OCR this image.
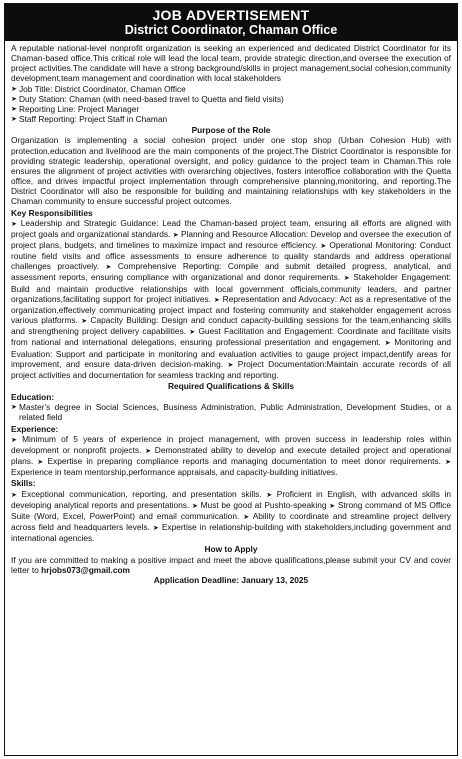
JOB ADVERTISEMENT
District Coordinator, Chaman Office

A reputable national-level nonprofit organization is seeking an experienced and dedicated District Coordinator for its Chaman-based office.This critical role will lead the local team, provide strategic direction,and oversee the execution of project activities.The candidate will have a strong background/skills in project management,social cohesion,community development,team management and coordination with local stakeholders

➤ Job Title: District Coordinator, Chaman Office
➤ Duty Station: Chaman (with need-based travel to Quetta and field visits)
➤ Reporting Line: Project Manager
➤ Staff Reporting: Project Staff in Chaman
Purpose of the Role

Organization is implementing a social cohesion project under one stop shop (Urban Cohesion Hub) with protection,education and livelihood are the main components of the project.The District Coordinator is responsible for providing strategic leadership, operational oversight, and policy guidance to the project team in Chaman.This role ensures the alignment of project activities with overarching objectives, fosters interoffice collaboration with the Quetta office, and drives impactful project implementation through comprehensive planning,monitoring, and reporting.The District Coordinator will also be responsible for building and maintaining relationships with key stakeholders in the Chaman community to ensure successful project outcomes.

Key Responsibilities

➤ Leadership and Strategic Guidance: Lead the Chaman-based project team, ensuring all efforts are aligned with project goals and organizational standards. ➤ Planning and Resource Allocation: Develop and oversee the execution of project plans, budgets, and timelines to maximize impact and resource efficiency. ➤ Operational Monitoring: Conduct routine field visits and office assessments to ensure adherence to quality standards and address operational challenges proactively. ➤ Comprehensive Reporting: Compile and submit detailed progress, analytical, and assessment reports, ensuring compliance with organizational and donor requirements. ➤ Stakeholder Engagement: Build and maintain productive relationships with local government officials,community leaders, and partner organizations,facilitating support for project initiatives. ➤ Representation and Advocacy: Act as a representative of the organization,effectively communicating project impact and fostering community and stakeholder engagement across various platforms. ➤ Capacity Building: Design and conduct capacity-building sessions for the team,enhancing skills and strengthening project delivery capabilities. ➤ Guest Facilitation and Engagement: Coordinate and facilitate visits from national and international delegations, ensuring professional presentation and engagement. ➤ Monitoring and Evaluation: Support and participate in monitoring and evaluation activities to gauge project impact,dentify areas for improvement, and ensure data-driven decision-making. ➤ Project Documentation:Maintain accurate records of all project activities and documentation for seamless tracking and reporting.

Required Qualifications & Skills
Education:
➤ Master's degree in Social Sciences, Business Administration, Public Administration, Development Studies, or a related field
Experience:

➤ Minimum of 5 years of experience in project management, with proven success in leadership roles within development or nonprofit projects. ➤ Demonstrated ability to develop and execute detailed project and operational plans. ➤ Expertise in preparing compliance reports and managing documentation to meet donor requirements. ➤ Experience in team mentorship,performance appraisals, and capacity-building initiatives.

Skills:

➤ Exceptional communication, reporting, and presentation skills. ➤ Proficient in English, with advanced skills in developing analytical reports and presentations. ➤ Must be good at Pushto-speaking ➤ Strong command of MS Office Suite (Word, Excel, PowerPoint) and email communication. ➤ Ability to coordinate and streamline project delivery across field and headquarters levels. ➤ Expertise in relationship-building with stakeholders,including government and international agencies.

How to Apply

If you are committed to making a positive impact and meet the above qualifications,please submit your CV and cover letter to hrjobs073@gmail.com

Application Deadline: January 13, 2025
